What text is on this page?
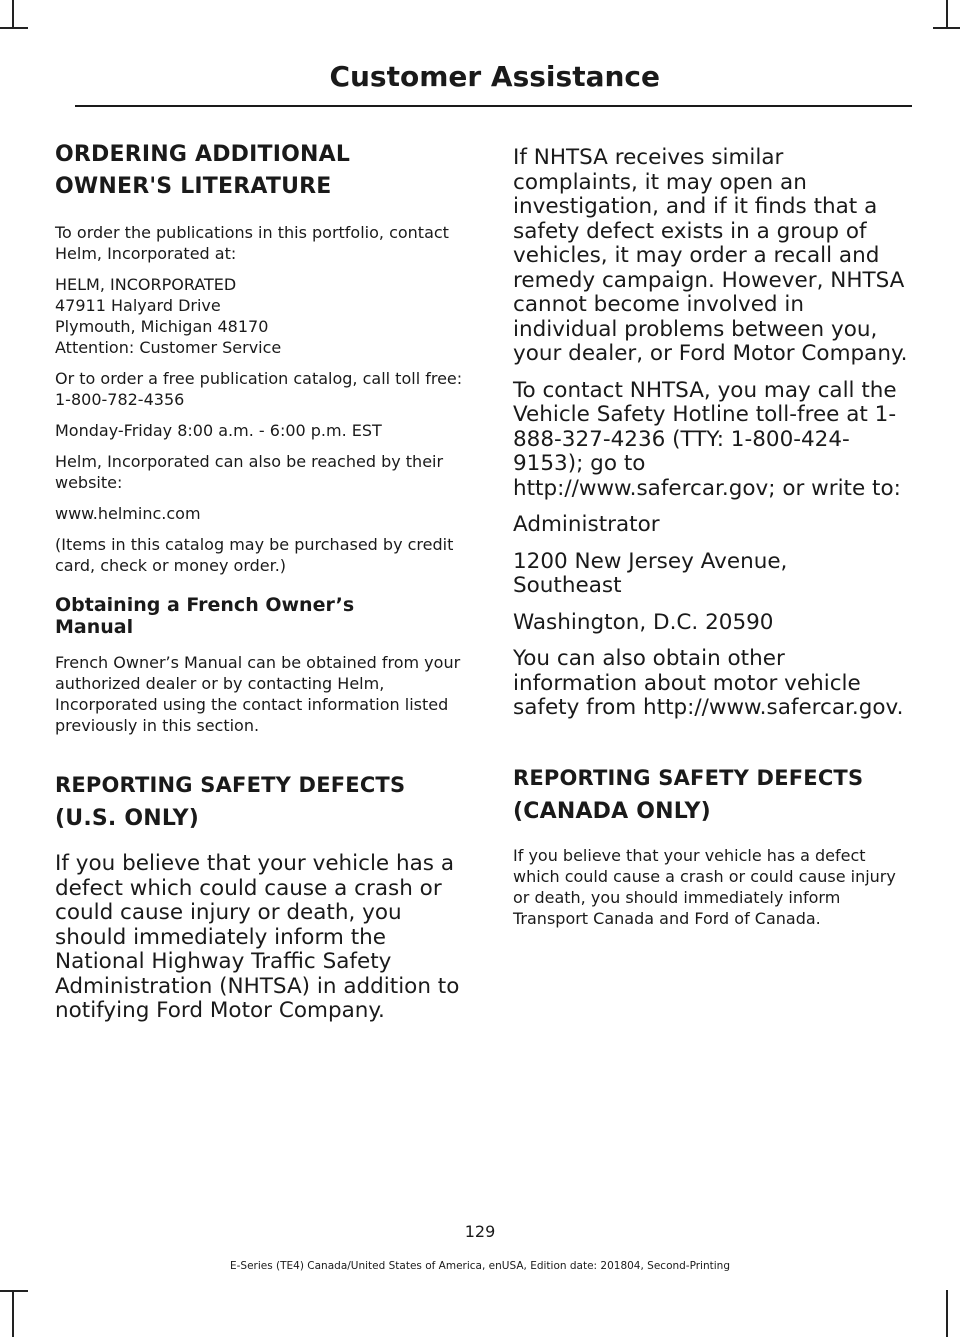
Customer Assistance
ORDERING ADDITIONAL
OWNER'S LITERATURE
To order the publications in this portfolio, contact Helm, Incorporated at:
HELM, INCORPORATED
47911 Halyard Drive
Plymouth, Michigan 48170
Attention: Customer Service
Or to order a free publication catalog, call toll free: 1-800-782-4356
Monday-Friday 8:00 a.m. - 6:00 p.m. EST
Helm, Incorporated can also be reached by their website:
www.helminc.com
(Items in this catalog may be purchased by credit card, check or money order.)
Obtaining a French Owner’s Manual
French Owner’s Manual can be obtained from your authorized dealer or by contacting Helm, Incorporated using the contact information listed previously in this section.
REPORTING SAFETY DEFECTS
(U.S. ONLY)
If you believe that your vehicle has a defect which could cause a crash or could cause injury or death, you should immediately inform the National Highway Traffic Safety Administration (NHTSA) in addition to notifying Ford Motor Company.
If NHTSA receives similar complaints, it may open an investigation, and if it finds that a safety defect exists in a group of vehicles, it may order a recall and remedy campaign. However, NHTSA cannot become involved in individual problems between you, your dealer, or Ford Motor Company.
To contact NHTSA, you may call the Vehicle Safety Hotline toll-free at 1-888-327-4236 (TTY: 1-800-424-9153); go to http://www.safercar.gov; or write to:
Administrator
1200 New Jersey Avenue, Southeast
Washington, D.C. 20590
You can also obtain other information about motor vehicle safety from http://www.safercar.gov.
REPORTING SAFETY DEFECTS
(CANADA ONLY)
If you believe that your vehicle has a defect which could cause a crash or could cause injury or death, you should immediately inform Transport Canada and Ford of Canada.
129
E-Series (TE4) Canada/United States of America, enUSA, Edition date: 201804, Second-Printing
